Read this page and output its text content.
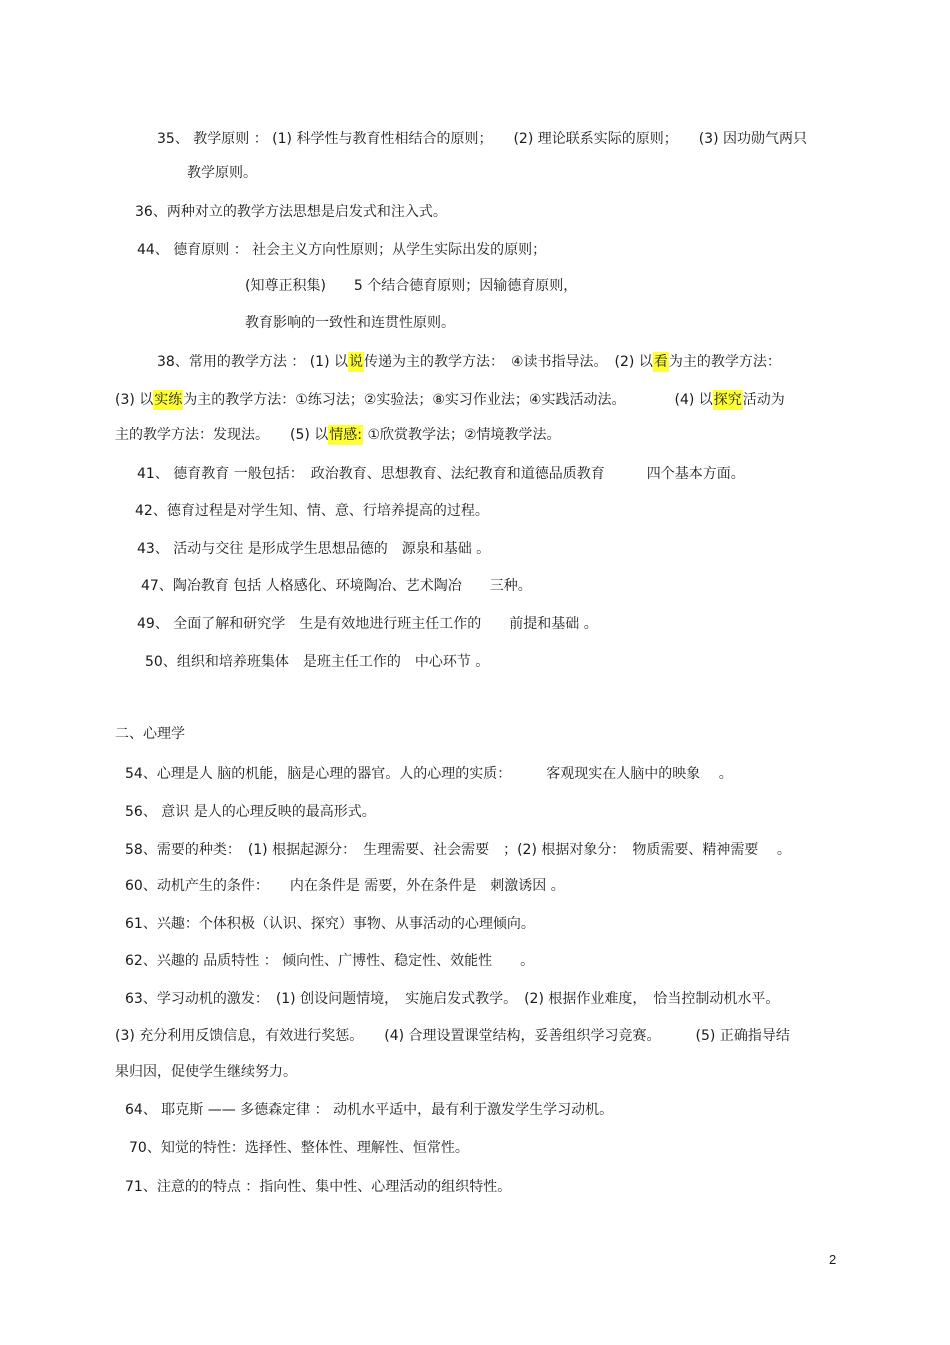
35、 教学原则 ： (1) 科学性与教育性相结合的原则；　　(2) 理论联系实际的原则；　　(3) 因功勋气两只
教学原则。
36、两种对立的教学方法思想是启发式和注入式。
44、 德育原则 ： 社会主义方向性原则；从学生实际出发的原则；
(知尊正积集)　　5 个结合德育原则；因输德育原则，
教育影响的一致性和连贯性原则。
38、常用的教学方法 ： (1) 以说传递为主的教学方法：　④读书指导法。　(2) 以看为主的教学方法：
(3) 以实练为主的教学方法：①练习法；②实验法；⑧实习作业法；④实践活动法。　　　　(4) 以探究活动为
主的教学方法：发现法。　　(5) 以情感: ①欣赏教学法；②情境教学法。
41、 德育教育 一般包括：　政治教育、思想教育、法纪教育和道德品质教育　　　四个基本方面。
42、德育过程是对学生知、情、意、行培养提高的过程。
43、 活动与交往 是形成学生思想品德的　源泉和基础 。
47、陶冶教育 包括 人格感化、环境陶冶、艺术陶冶　　三种。
49、 全面了解和研究学　生是有效地进行班主任工作的　　前提和基础 。
50、组织和培养班集体　是班主任工作的　中心环节 。
二、心理学
54、心理是人 脑的机能，脑是心理的器官。人的心理的实质：　　　客观现实在人脑中的映象　 。
56、 意识 是人的心理反映的最高形式。
58、需要的种类：　(1) 根据起源分：　生理需要、社会需要　；(2) 根据对象分：　物质需要、精神需要　 。
60、动机产生的条件：　　内在条件是 需要，外在条件是　刺激诱因 。
61、兴趣：个体积极（认识、探究）事物、从事活动的心理倾向。
62、兴趣的 品质特性 ： 倾向性、广博性、稳定性、效能性　　。
63、学习动机的激发：　(1) 创设问题情境，　实施启发式教学。　(2) 根据作业难度，　恰当控制动机水平。
(3) 充分利用反馈信息，有效进行奖惩。　　(4) 合理设置课堂结构，妥善组织学习竞赛。　　　(5) 正确指导结
果归因，促使学生继续努力。
64、 耶克斯 —— 多德森定律 ： 动机水平适中，最有利于激发学生学习动机。
70、知觉的特性：选择性、整体性、理解性、恒常性。
71、注意的的特点 ：指向性、集中性、心理活动的组织特性。
2
